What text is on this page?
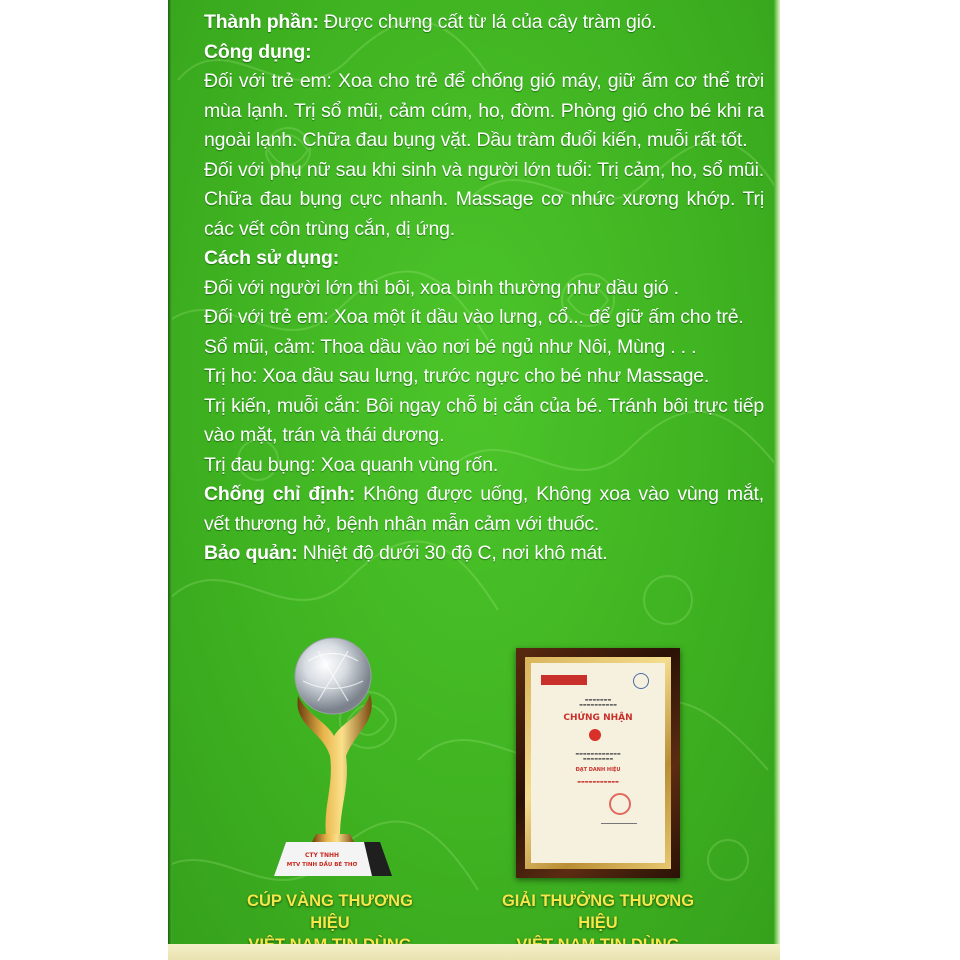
Thành phần: Được chưng cất từ lá của cây tràm gió.

Công dụng:

Đối với trẻ em: Xoa cho trẻ để chống gió máy, giữ ấm cơ thể trời mùa lạnh. Trị sổ mũi, cảm cúm, ho, đờm. Phòng gió cho bé khi ra ngoài lạnh. Chữa đau bụng vặt. Dầu tràm đuổi kiến, muỗi rất tốt.

Đối với phụ nữ sau khi sinh và người lớn tuổi: Trị cảm, ho, sổ mũi. Chữa đau bụng cực nhanh. Massage cơ nhức xương khớp. Trị các vết côn trùng cắn, dị ứng.

Cách sử dụng:

Đối với người lớn thì bôi, xoa bình thường như dầu gió .

Đối với trẻ em: Xoa một ít dầu vào lưng, cổ... để giữ ấm cho trẻ.

Sổ mũi, cảm: Thoa dầu vào nơi bé ngủ như Nôi, Mùng . . .

Trị ho: Xoa dầu sau lưng, trước ngực cho bé như Massage.

Trị kiến, muỗi cắn: Bôi ngay chỗ bị cắn của bé. Tránh bôi trực tiếp vào mặt, trán và thái dương.

Trị đau bụng: Xoa quanh vùng rốn.

Chống chỉ định: Không được uống, Không xoa vào vùng mắt, vết thương hở, bệnh nhân mẫn cảm với thuốc.

Bảo quản: Nhiệt độ dưới 30 độ C, nơi khô mát.

CTY TNHH
MTV TINH DẦU BÉ THƠ
CÚP VÀNG THƯƠNG HIỆU
▬▬▬▬▬▬▬
▬▬▬▬▬▬▬▬▬▬
CHỨNG NHẬN
▬▬▬▬▬▬▬▬▬▬▬▬
▬▬▬▬▬▬▬▬
ĐẠT DANH HIỆU
▬▬▬▬▬▬▬▬▬▬▬
GIẢI THƯỞNG THƯƠNG HIỆU
